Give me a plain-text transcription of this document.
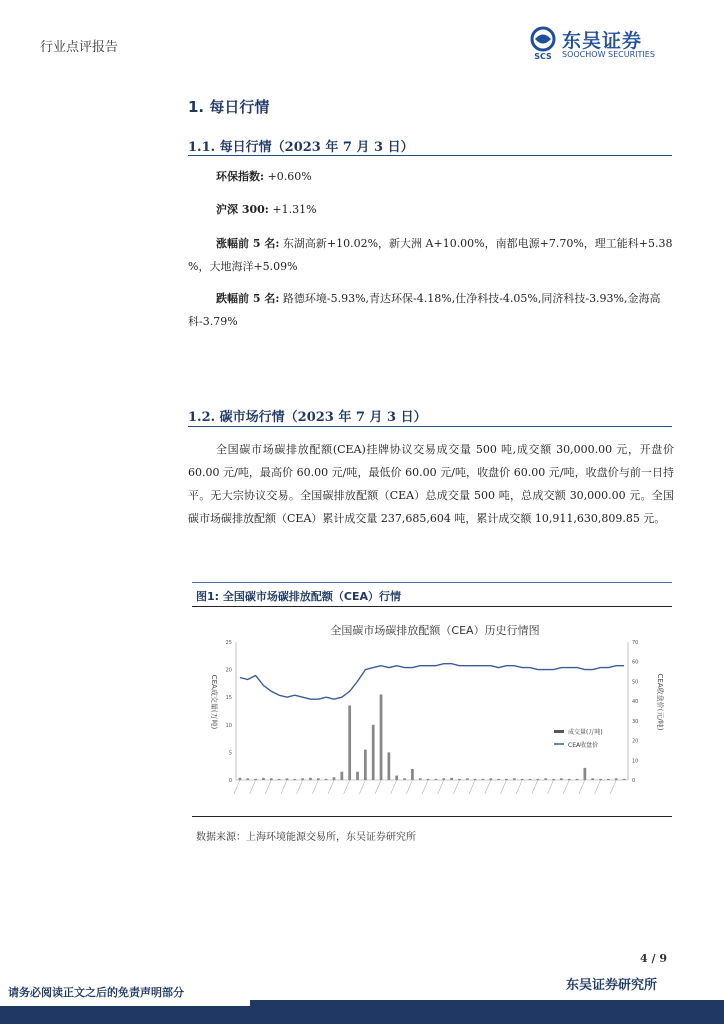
行业点评报告
SCS
东吴证券
SOOCHOW SECURITIES
1. 每日行情
1.1. 每日行情（2023 年 7 月 3 日）
环保指数: +0.60%
沪深 300: +1.31%
涨幅前 5 名: 东湖高新+10.02%，新大洲 A+10.00%，南都电源+7.70%，理工能科+5.38 %，大地海洋+5.09%
跌幅前 5 名: 路德环境-5.93%,青达环保-4.18%,仕净科技-4.05%,同济科技-3.93%,金海高科-3.79%
1.2. 碳市场行情（2023 年 7 月 3 日）
全国碳市场碳排放配额(CEA)挂牌协议交易成交量 500 吨,成交额 30,000.00 元，开盘价 60.00 元/吨，最高价 60.00 元/吨，最低价 60.00 元/吨，收盘价 60.00 元/吨，收盘价与前一日持平。无大宗协议交易。全国碳排放配额（CEA）总成交量 500 吨，总成交额 30,000.00 元。全国碳市场碳排放配额（CEA）累计成交量 237,685,604 吨，累计成交额 10,911,630,809.85 元。
图1: 全国碳市场碳排放配额（CEA）行情
全国碳市场碳排放配额（CEA）历史行情图
0
5
10
15
20
25
0
10
20
30
40
50
60
70
CEA成交量(万吨)	CEA收盘价(元/吨)
成交量(万吨)
CEA收盘价
数据来源：上海环境能源交易所，东吴证券研究所
4 / 9
东吴证券研究所
请务必阅读正文之后的免责声明部分
